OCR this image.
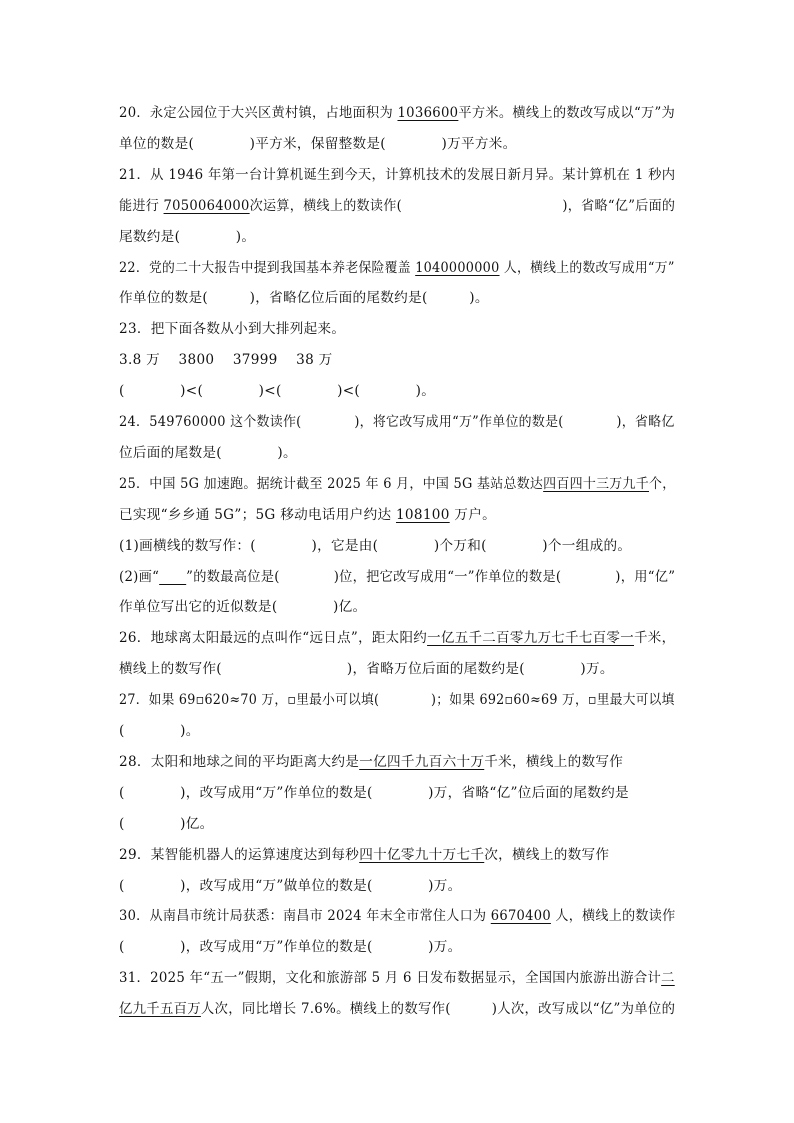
20．永定公园位于大兴区黄村镇，占地面积为 1036600平方米。横线上的数改写成以“万”为
单位的数是(　　　　)平方米，保留整数是(　　　　)万平方米。
21．从 1946 年第一台计算机诞生到今天，计算机技术的发展日新月异。某计算机在 1 秒内
能进行 7050064000次运算，横线上的数读作(　　　　　　　　　　　　)，省略“亿”后面的
尾数约是(　　　　)。
22．党的二十大报告中提到我国基本养老保险覆盖 1040000000 人，横线上的数改写成用“万”
作单位的数是(　　　)，省略亿位后面的尾数约是(　　　)。
23．把下面各数从小到大排列起来。
3.8 万　 3800　 37999　 38 万
(　　　　)<(　　　　)<(　　　　)<(　　　　)。
24．549760000 这个数读作(　　　　)，将它改写成用“万”作单位的数是(　　　　)，省略亿
位后面的尾数是(　　　　)。
25．中国 5G 加速跑。据统计截至 2025 年 6 月，中国 5G 基站总数达四百四十三万九千个，
已实现“乡乡通 5G”；5G 移动电话用户约达 108100 万户。
(1)画横线的数写作：(　　　　)，它是由(　　　　)个万和(　　　　)个一组成的。
(2)画“　　 ”的数最高位是(　　　　)位，把它改写成用“一”作单位的数是(　　　　)，用“亿”
作单位写出它的近似数是(　　　　)亿。
26．地球离太阳最远的点叫作“远日点”，距太阳约一亿五千二百零九万七千七百零一千米，
横线上的数写作(　　　　　　　　　)，省略万位后面的尾数约是(　　　　)万。
27．如果 69▫620≈70 万，▫里最小可以填(　　　　)；如果 692▫60≈69 万，▫里最大可以填
(　　　　)。
28．太阳和地球之间的平均距离大约是一亿四千九百六十万千米，横线上的数写作
(　　　　)，改写成用“万”作单位的数是(　　　　)万，省略“亿”位后面的尾数约是
(　　　　)亿。
29．某智能机器人的运算速度达到每秒四十亿零九十万七千次，横线上的数写作
(　　　　)，改写成用“万”做单位的数是(　　　　)万。
30．从南昌市统计局获悉：南昌市 2024 年末全市常住人口为 6670400 人，横线上的数读作
(　　　　)，改写成用“万”作单位的数是(　　　　)万。
31．2025 年“五一”假期，文化和旅游部 5 月 6 日发布数据显示，全国国内旅游出游合计二
亿九千五百万人次，同比增长 7.6%。横线上的数写作(　　　)人次，改写成以“亿”为单位的
